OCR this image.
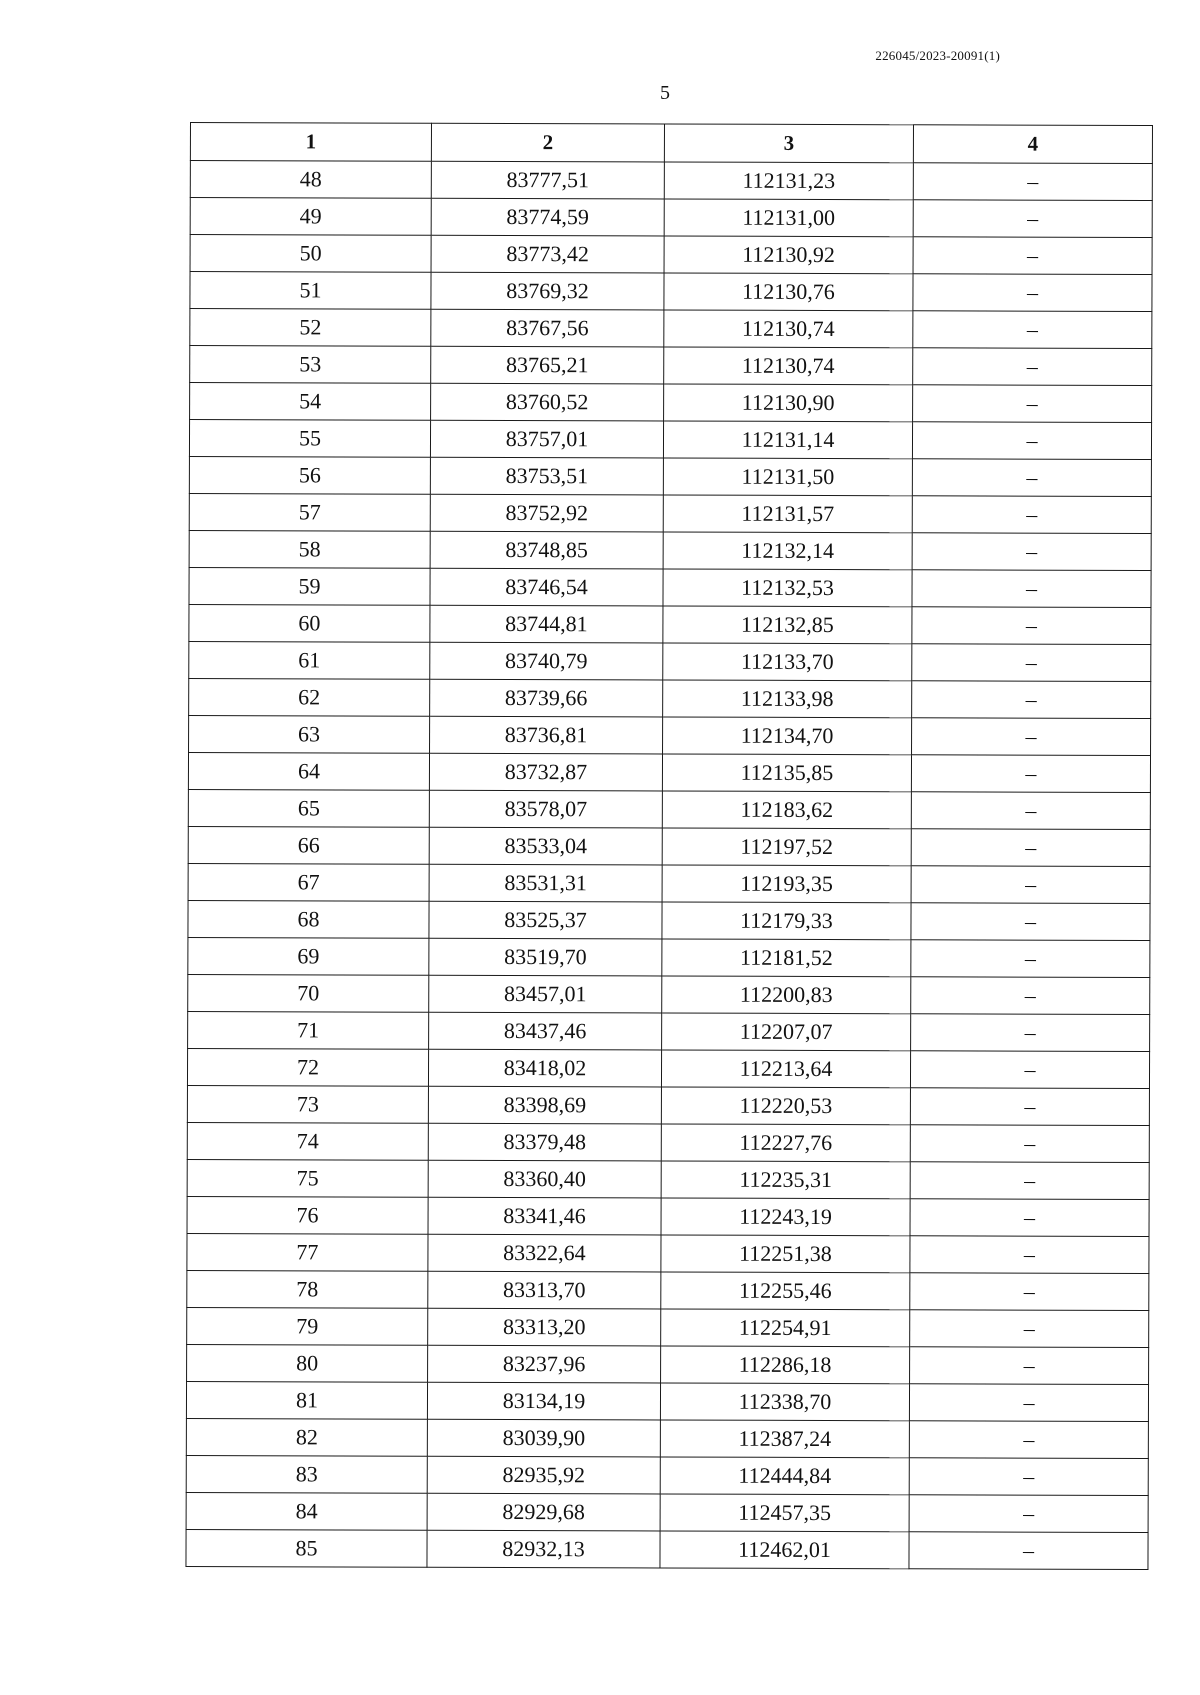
226045/2023-20091(1)
5
1	2	3	4
48	83777,51	112131,23	–
49	83774,59	112131,00	–
50	83773,42	112130,92	–
51	83769,32	112130,76	–
52	83767,56	112130,74	–
53	83765,21	112130,74	–
54	83760,52	112130,90	–
55	83757,01	112131,14	–
56	83753,51	112131,50	–
57	83752,92	112131,57	–
58	83748,85	112132,14	–
59	83746,54	112132,53	–
60	83744,81	112132,85	–
61	83740,79	112133,70	–
62	83739,66	112133,98	–
63	83736,81	112134,70	–
64	83732,87	112135,85	–
65	83578,07	112183,62	–
66	83533,04	112197,52	–
67	83531,31	112193,35	–
68	83525,37	112179,33	–
69	83519,70	112181,52	–
70	83457,01	112200,83	–
71	83437,46	112207,07	–
72	83418,02	112213,64	–
73	83398,69	112220,53	–
74	83379,48	112227,76	–
75	83360,40	112235,31	–
76	83341,46	112243,19	–
77	83322,64	112251,38	–
78	83313,70	112255,46	–
79	83313,20	112254,91	–
80	83237,96	112286,18	–
81	83134,19	112338,70	–
82	83039,90	112387,24	–
83	82935,92	112444,84	–
84	82929,68	112457,35	–
85	82932,13	112462,01	–
